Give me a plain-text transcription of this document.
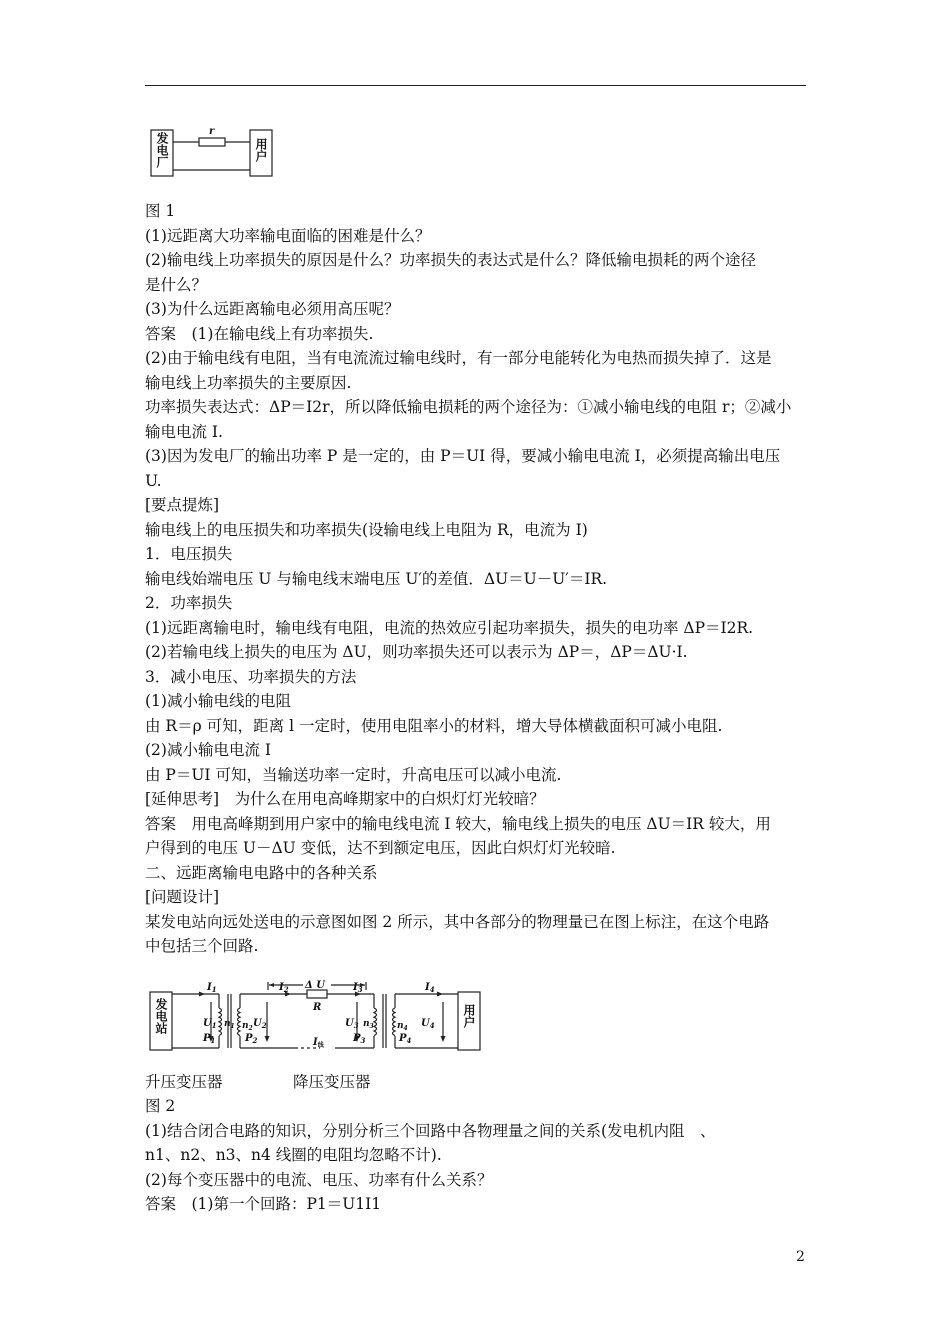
r
发电厂	用户
图 1
(1)远距离大功率输电面临的困难是什么？
(2)输电线上功率损失的原因是什么？功率损失的表达式是什么？降低输电损耗的两个途径
是什么？
(3)为什么远距离输电必须用高压呢？
答案　(1)在输电线上有功率损失.
(2)由于输电线有电阻，当有电流流过输电线时，有一部分电能转化为电热而损失掉了．这是
输电线上功率损失的主要原因.
功率损失表达式：ΔP＝I2r，所以降低输电损耗的两个途径为：①减小输电线的电阻 r；②减小
输电电流 I.
(3)因为发电厂的输出功率 P 是一定的，由 P＝UI 得，要减小输电电流 I，必须提高输出电压
U.
[要点提炼]
输电线上的电压损失和功率损失(设输电线上电阻为 R，电流为 I)
1．电压损失
输电线始端电压 U 与输电线末端电压 U′的差值．ΔU＝U－U′＝IR.
2．功率损失
(1)远距离输电时，输电线有电阻，电流的热效应引起功率损失，损失的电功率 ΔP＝I2R.
(2)若输电线上损失的电压为 ΔU，则功率损失还可以表示为 ΔP＝，ΔP＝ΔU·I.
3．减小电压、功率损失的方法
(1)减小输电线的电阻
由 R＝ρ 可知，距离 l 一定时，使用电阻率小的材料，增大导体横截面积可减小电阻.
(2)减小输电电流 I
由 P＝UI 可知，当输送功率一定时，升高电压可以减小电流.
[延伸思考]　为什么在用电高峰期家中的白炽灯灯光较暗？
答案　用电高峰期到用户家中的输电线电流 I 较大，输电线上损失的电压 ΔU＝IR 较大，用
户得到的电压 U－ΔU 变低，达不到额定电压，因此白炽灯灯光较暗.
二、远距离输电电路中的各种关系
[问题设计]
某发电站向远处送电的示意图如图 2 所示，其中各部分的物理量已在图上标注，在这个电路
中包括三个回路.
$I_1$	$I_2$	$I_3$	$I_4$
Δ U
R
$U_1$ $n_1$ $n_2$ $U_2$	$U_3$ $n_3$	$n_4$ $U_4$
$P_1$	$P_2$	$I_线$
$P_3$	$P_4$
发电站	用户
升压变压器	降压变压器
图 2
(1)结合闭合电路的知识，分别分析三个回路中各物理量之间的关系(发电机内阻　、
n1、n2、n3、n4 线圈的电阻均忽略不计).
(2)每个变压器中的电流、电压、功率有什么关系？
答案　(1)第一个回路：P1＝U1I1
2
